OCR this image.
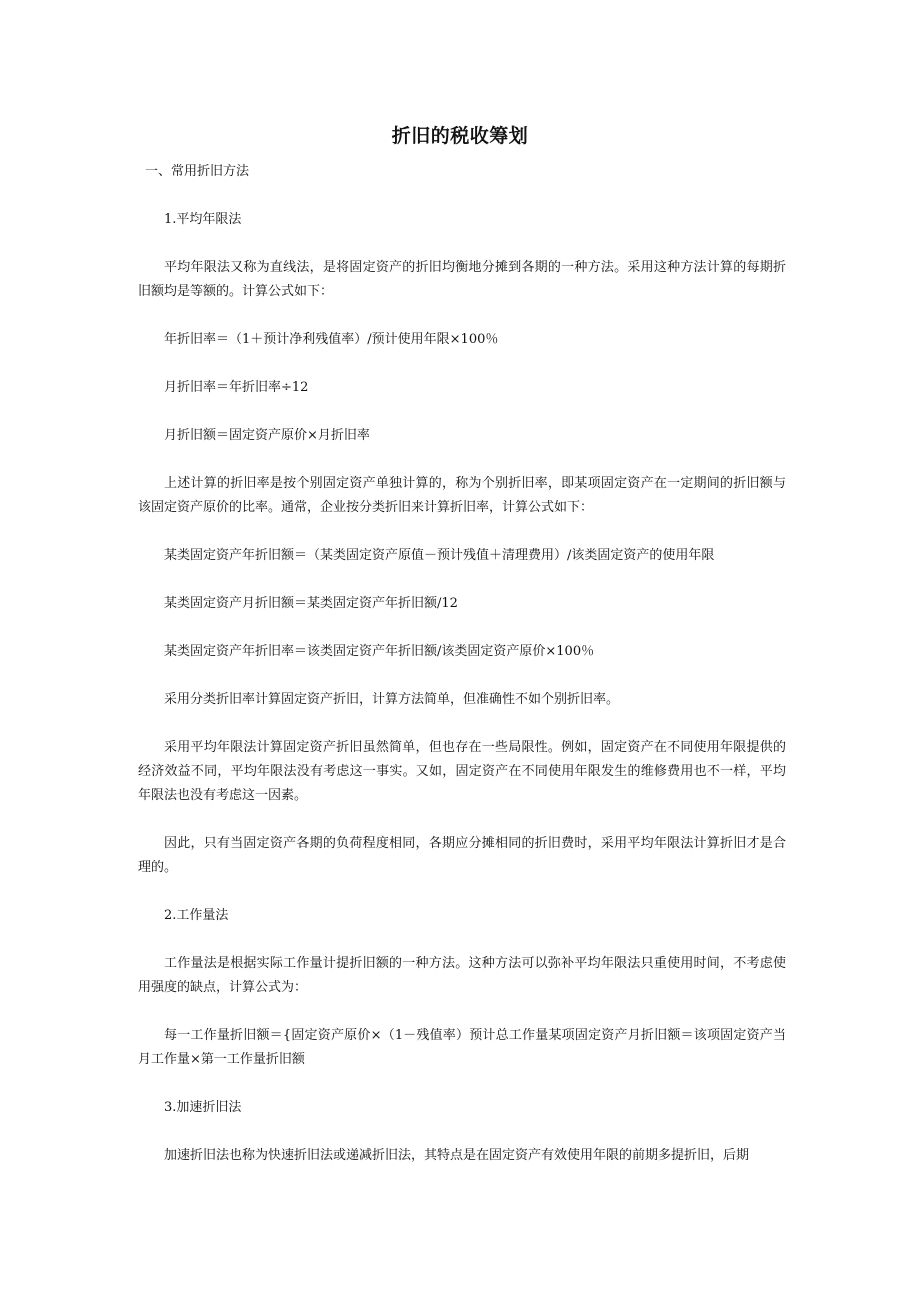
折旧的税收筹划
一、常用折旧方法

1.平均年限法

平均年限法又称为直线法，是将固定资产的折旧均衡地分摊到各期的一种方法。采用这种方法计算的每期折旧额均是等额的。计算公式如下：

年折旧率＝（1＋预计净利残值率）/预计使用年限×100％

月折旧率＝年折旧率÷12

月折旧额＝固定资产原价×月折旧率

上述计算的折旧率是按个别固定资产单独计算的，称为个别折旧率，即某项固定资产在一定期间的折旧额与该固定资产原价的比率。通常，企业按分类折旧来计算折旧率，计算公式如下：

某类固定资产年折旧额＝（某类固定资产原值－预计残值＋清理费用）/该类固定资产的使用年限

某类固定资产月折旧额＝某类固定资产年折旧额/12

某类固定资产年折旧率＝该类固定资产年折旧额/该类固定资产原价×100％

采用分类折旧率计算固定资产折旧，计算方法简单，但准确性不如个别折旧率。

采用平均年限法计算固定资产折旧虽然简单，但也存在一些局限性。例如，固定资产在不同使用年限提供的经济效益不同，平均年限法没有考虑这一事实。又如，固定资产在不同使用年限发生的维修费用也不一样，平均年限法也没有考虑这一因素。

因此，只有当固定资产各期的负荷程度相同，各期应分摊相同的折旧费时，采用平均年限法计算折旧才是合理的。

2.工作量法

工作量法是根据实际工作量计提折旧额的一种方法。这种方法可以弥补平均年限法只重使用时间，不考虑使用强度的缺点，计算公式为：

每一工作量折旧额＝{固定资产原价×（1－残值率）预计总工作量某项固定资产月折旧额＝该项固定资产当月工作量×第一工作量折旧额

3.加速折旧法

加速折旧法也称为快速折旧法或递减折旧法，其特点是在固定资产有效使用年限的前期多提折旧，后期
